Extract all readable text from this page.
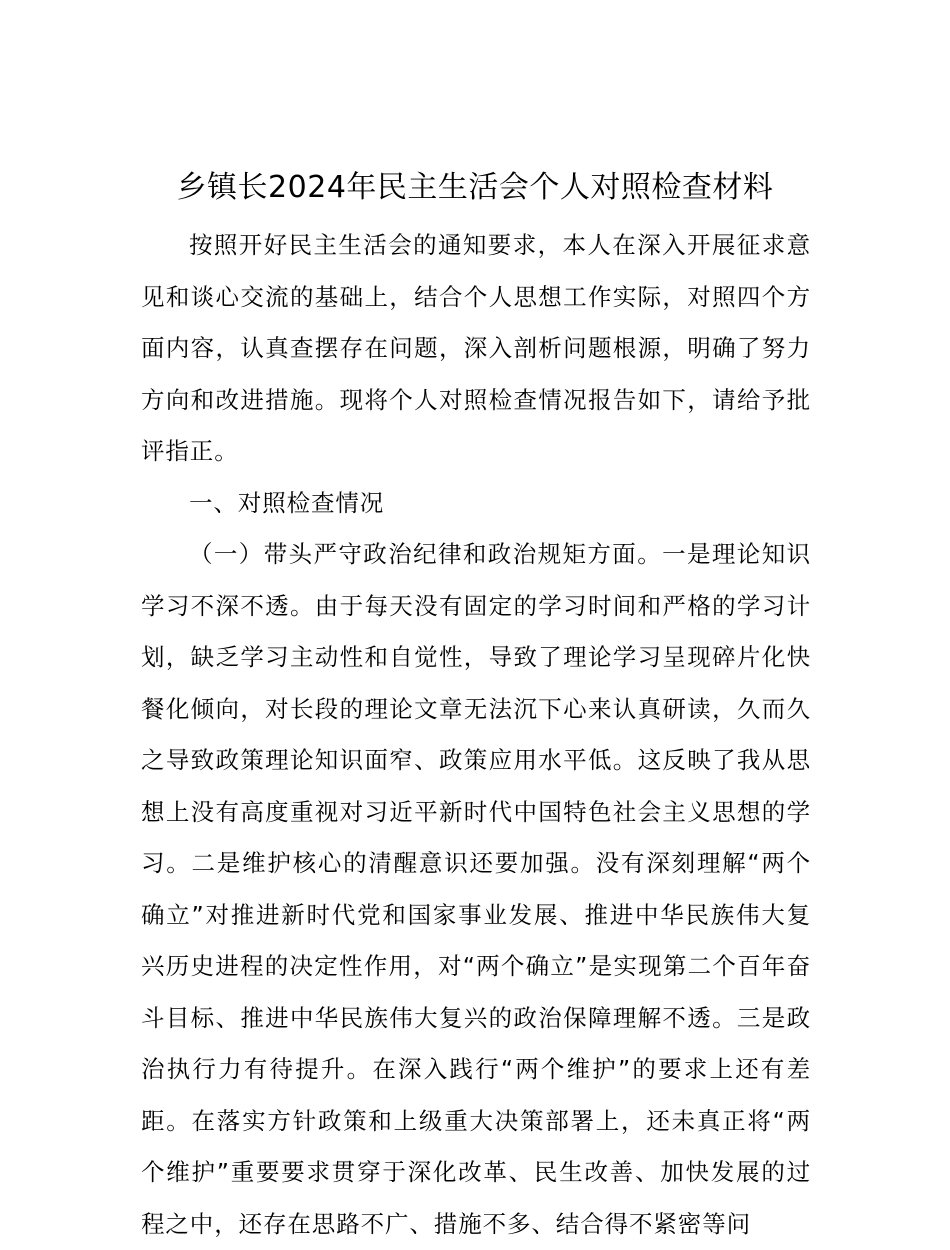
乡镇长2024年民主生活会个人对照检查材料

按照开好民主生活会的通知要求，本人在深入开展征求意见和谈心交流的基础上，结合个人思想工作实际，对照四个方面内容，认真查摆存在问题，深入剖析问题根源，明确了努力方向和改进措施。现将个人对照检查情况报告如下，请给予批评指正。

一、对照检查情况

（一）带头严守政治纪律和政治规矩方面。一是理论知识学习不深不透。由于每天没有固定的学习时间和严格的学习计划，缺乏学习主动性和自觉性，导致了理论学习呈现碎片化快餐化倾向，对长段的理论文章无法沉下心来认真研读，久而久之导致政策理论知识面窄、政策应用水平低。这反映了我从思想上没有高度重视对习近平新时代中国特色社会主义思想的学习。二是维护核心的清醒意识还要加强。没有深刻理解“两个确立”对推进新时代党和国家事业发展、推进中华民族伟大复兴历史进程的决定性作用，对“两个确立”是实现第二个百年奋斗目标、推进中华民族伟大复兴的政治保障理解不透。三是政治执行力有待提升。在深入践行“两个维护”的要求上还有差距。在落实方针政策和上级重大决策部署上，还未真正将“两个维护”重要要求贯穿于深化改革、民生改善、加快发展的过程之中，还存在思路不广、措施不多、结合得不紧密等问
